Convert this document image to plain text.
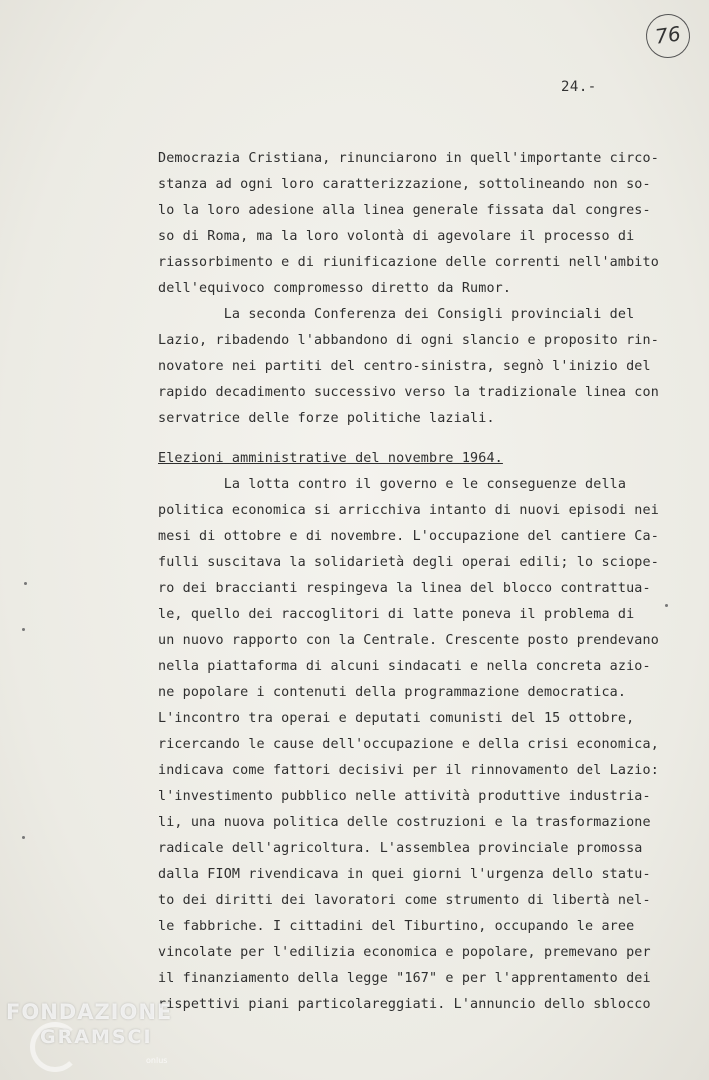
76
24.-
Democrazia Cristiana, rinunciarono in quell'importante circo-
stanza ad ogni loro caratterizzazione, sottolineando non so-
lo la loro adesione alla linea generale fissata dal congres-
so di Roma, ma la loro volontà di agevolare il processo di
riassorbimento e di riunificazione delle correnti nell'ambito
dell'equivoco compromesso diretto da Rumor.
La seconda Conferenza dei Consigli provinciali del
Lazio, ribadendo l'abbandono di ogni slancio e proposito rin-
novatore nei partiti del centro-sinistra, segnò l'inizio del
rapido decadimento successivo verso la tradizionale linea con
servatrice delle forze politiche laziali.
Elezioni amministrative del novembre 1964.
La lotta contro il governo e le conseguenze della
politica economica si arricchiva intanto di nuovi episodi nei
mesi di ottobre e di novembre. L'occupazione del cantiere Ca-
fulli suscitava la solidarietà degli operai edili; lo sciope-
ro dei braccianti respingeva la linea del blocco contrattua-
le, quello dei raccoglitori di latte poneva il problema di
un nuovo rapporto con la Centrale. Crescente posto prendevano
nella piattaforma di alcuni sindacati e nella concreta azio-
ne popolare i contenuti della programmazione democratica.
L'incontro tra operai e deputati comunisti del 15 ottobre,
ricercando le cause dell'occupazione e della crisi economica,
indicava come fattori decisivi per il rinnovamento del Lazio:
l'investimento pubblico nelle attività produttive industria-
li, una nuova politica delle costruzioni e la trasformazione
radicale dell'agricoltura. L'assemblea provinciale promossa
dalla FIOM rivendicava in quei giorni l'urgenza dello statu-
to dei diritti dei lavoratori come strumento di libertà nel-
le fabbriche. I cittadini del Tiburtino, occupando le aree
vincolate per l'edilizia economica e popolare, premevano per
il finanziamento della legge "167" e per l'apprentamento dei
rispettivi piani particolareggiati. L'annuncio dello sblocco
FONDAZIONE
GRAMSCI
onlus
